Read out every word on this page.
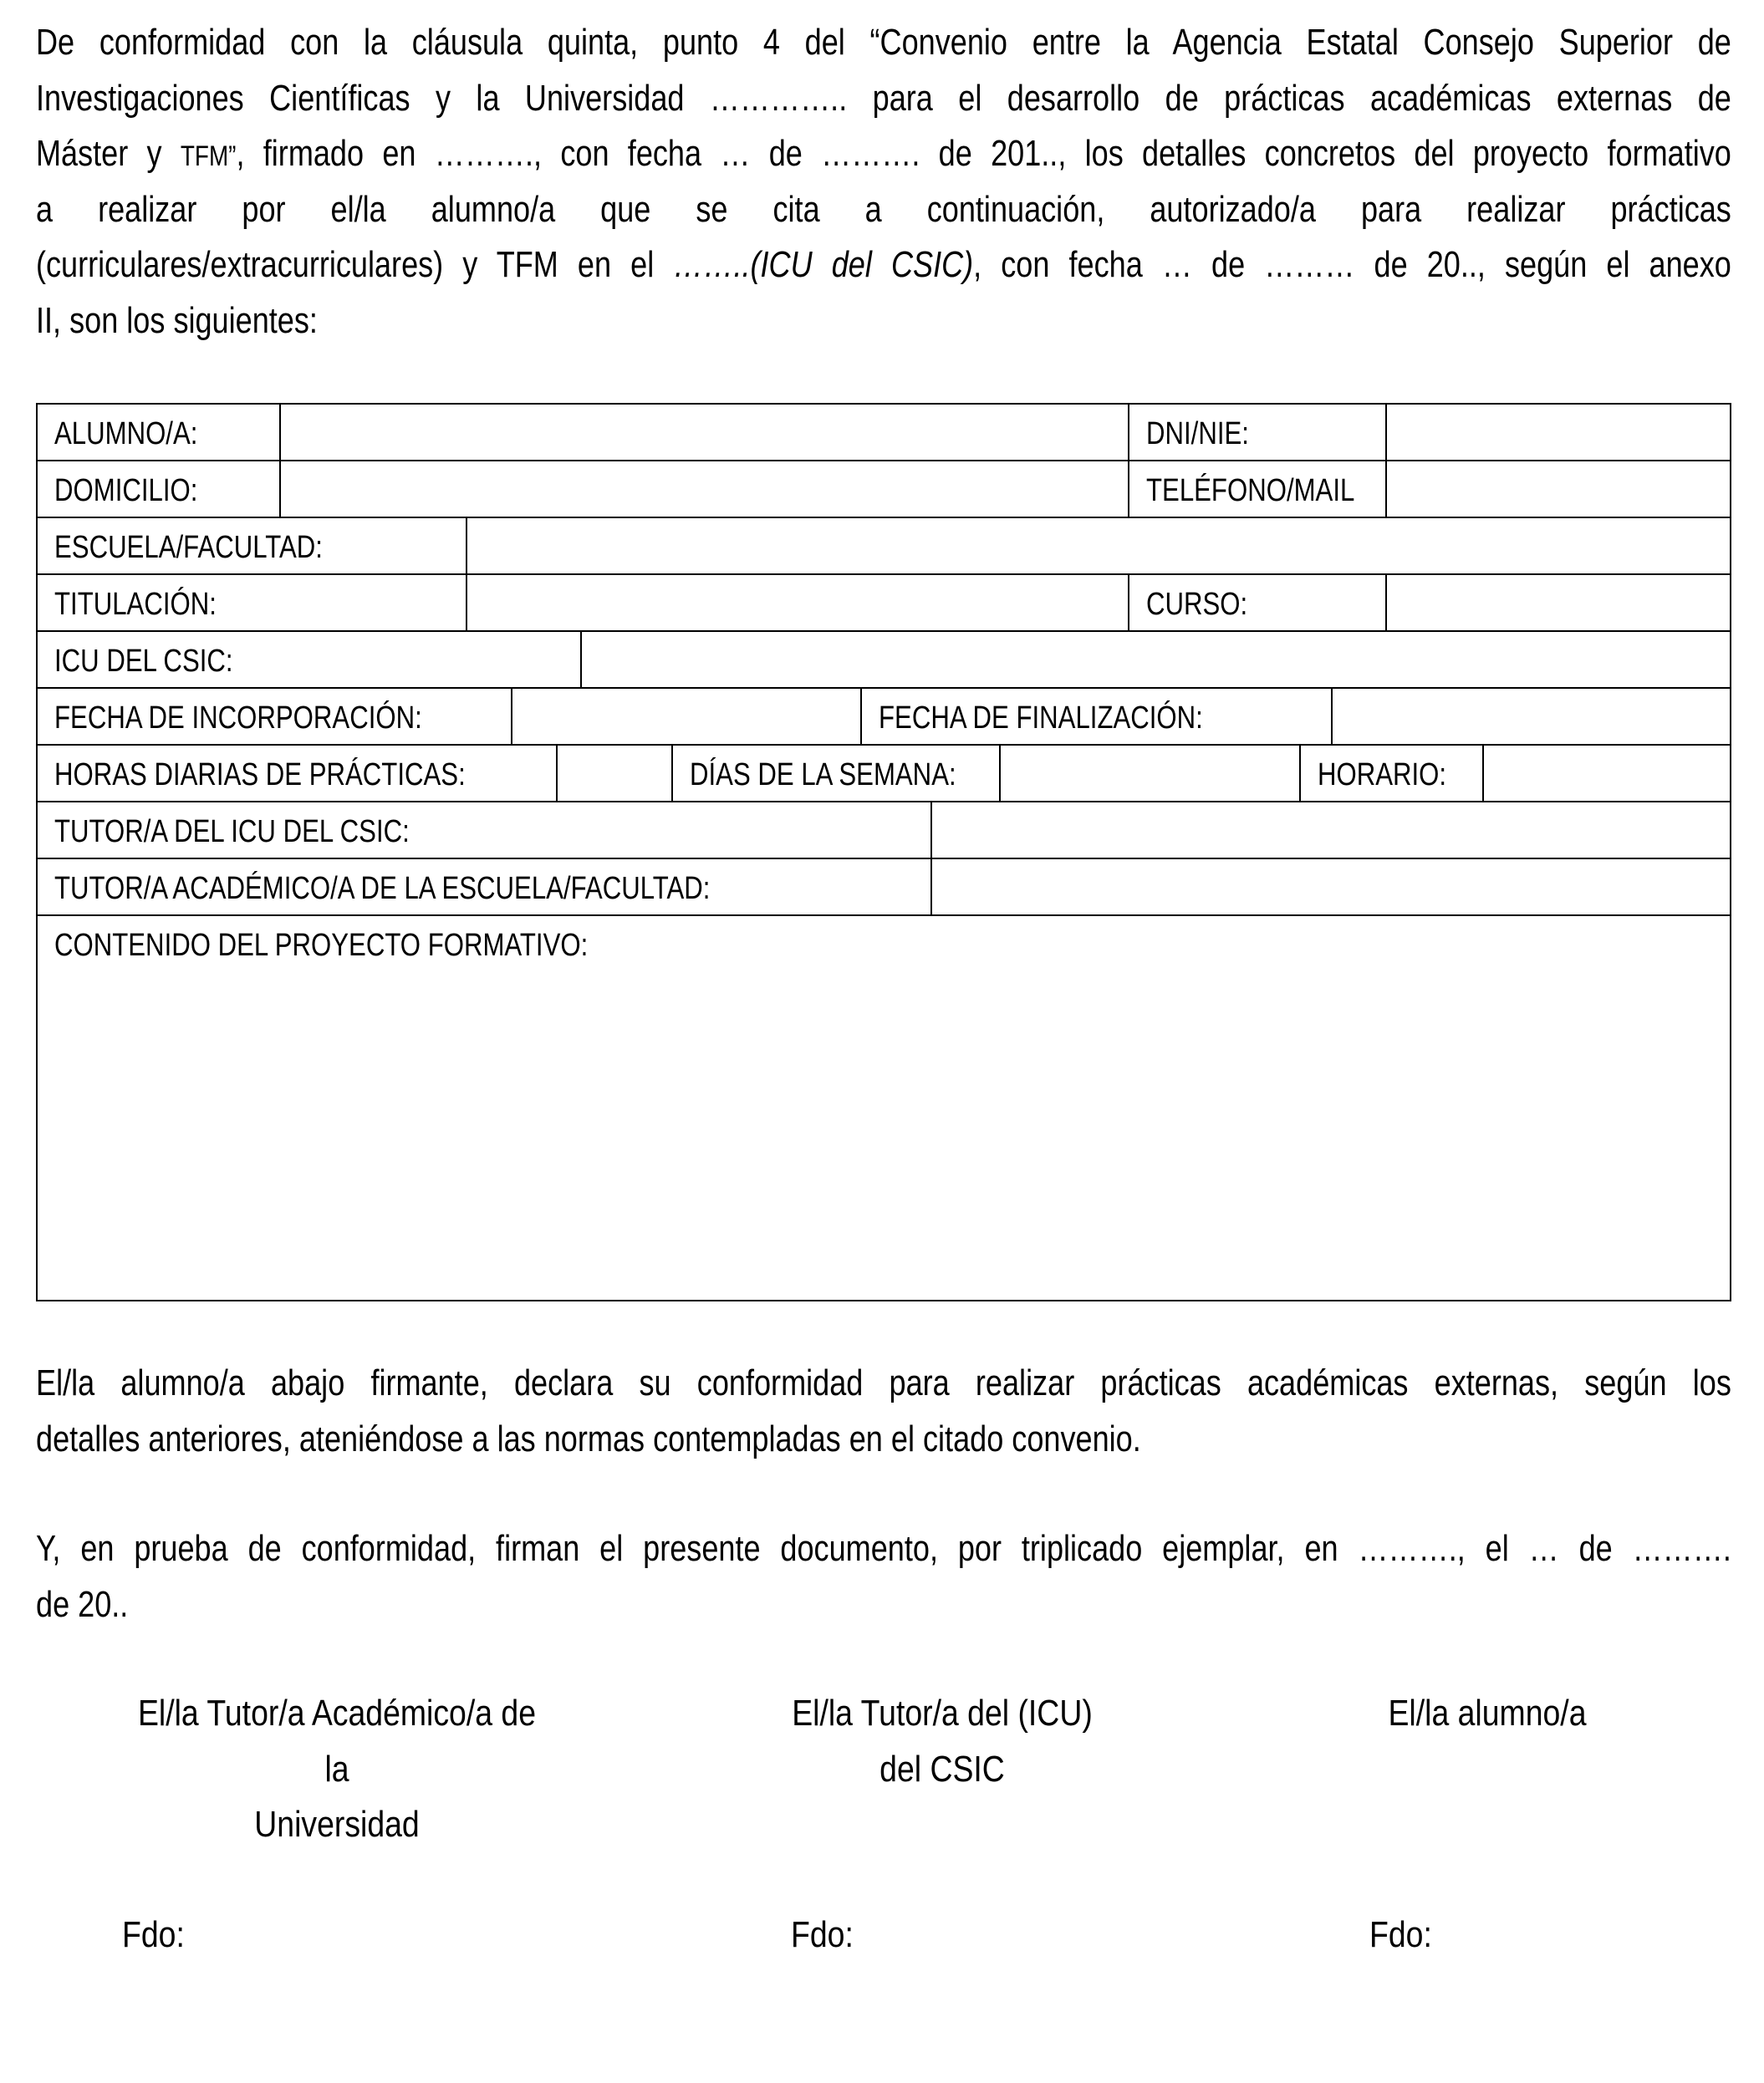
De conformidad con la cláusula quinta, punto 4 del “Convenio entre la Agencia Estatal Consejo Superior de
Investigaciones Científicas y la Universidad ………….. para el desarrollo de prácticas académicas externas de
Máster y TFM”, firmado en ………., con fecha … de ………. de 201.., los detalles concretos del proyecto formativo
a realizar por el/la alumno/a que se cita a continuación, autorizado/a para realizar prácticas
(curriculares/extracurriculares) y TFM en el ……..(ICU del CSIC), con fecha … de ……… de 20.., según el anexo
II, son los siguientes:
ALUMNO/A:	DNI/NIE:
DOMICILIO:	TELÉFONO/MAIL
ESCUELA/FACULTAD:
TITULACIÓN:	CURSO:
ICU DEL CSIC:
FECHA DE INCORPORACIÓN:	FECHA DE FINALIZACIÓN:
HORAS DIARIAS DE PRÁCTICAS:	DÍAS DE LA SEMANA:	HORARIO:
TUTOR/A DEL ICU DEL CSIC:
TUTOR/A ACADÉMICO/A DE LA ESCUELA/FACULTAD:
CONTENIDO DEL PROYECTO FORMATIVO:
El/la alumno/a abajo firmante, declara su conformidad para realizar prácticas académicas externas, según los
detalles anteriores, ateniéndose a las normas contempladas en el citado convenio.
Y, en prueba de conformidad, firman el presente documento, por triplicado ejemplar, en ………., el … de ……….
de 20..
El/la Tutor/a Académico/a de la
Universidad
El/la Tutor/a del (ICU)
del CSIC
El/la alumno/a
Fdo:	Fdo:	Fdo:
